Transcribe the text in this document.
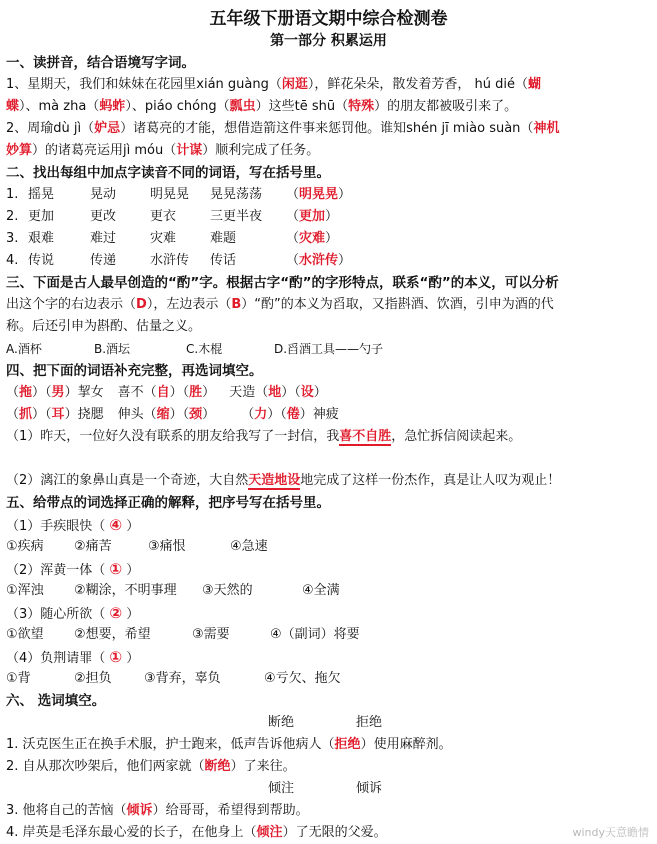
五年级下册语文期中综合检测卷
第一部分 积累运用
一、读拼音，结合语境写字词。
1、星期天，我们和妹妹在花园里xián guàng（闲逛），鲜花朵朵，散发着芳香， hú dié（蝴
蝶）、mà zha（蚂蚱）、piáo chóng（瓢虫）这些tē shū（特殊）的朋友都被吸引来了。
2、周瑜dù jì（妒忌）诸葛亮的才能，想借造箭这件事来惩罚他。谁知shén jī miào suàn（神机
妙算）的诸葛亮运用jì móu（计谋）顺利完成了任务。
二、找出每组中加点字读音不同的词语，写在括号里。
1. 摇晃	晃动	明晃晃 晃晃荡荡 （明晃晃）
2. 更加	更改	更衣	三更半夜 （更加）
3. 艰难	难过	灾难	难题	（灾难）
4. 传说	传递	水浒传 传话	（水浒传）
三、下面是古人最早创造的“酌”字。根据古字“酌”的字形特点，联系“酌”的本义，可以分析
出这个字的右边表示（D），左边表示（B）“酌”的本义为舀取，又指斟酒、饮酒，引申为酒的代
称。后还引申为斟酌、估量之义。
A.酒杯	B.酒坛	C.木棍	D.舀酒工具——勺子
四、把下面的词语补充完整，再选词填空。
（拖）（男）挈女 喜不（自）（胜） 天造（地）（设）
（抓）（耳）挠腮 伸头（缩）（颈） （力）（倦）神疲
（1）昨天，一位好久没有联系的朋友给我写了一封信，我喜不自胜，急忙拆信阅读起来。
（2）漓江的象鼻山真是一个奇迹，大自然天造地设地完成了这样一份杰作，真是让人叹为观止！
五、给带点的词选择正确的解释，把序号写在括号里。
（1）手疾眼快（ ④ ）
①疾病 ②痛苦	③痛恨	④急速
（2）浑黄一体（ ① ）
①浑浊 ②糊涂，不明事理 ③天然的	④全满
（3）随心所欲（ ② ）
①欲望 ②想要，希望	③需要	④（副词）将要
（4）负荆请罪（ ① ）
①背	②担负 ③背弃，辜负	④亏欠、拖欠
六、 选词填空。
断绝	拒绝
1. 沃克医生正在换手术服，护士跑来，低声告诉他病人（拒绝）使用麻醉剂。
2. 自从那次吵架后，他们两家就（断绝）了来往。
倾注	倾诉
3. 他将自己的苦恼（倾诉）给哥哥，希望得到帮助。
4. 岸英是毛泽东最心爱的长子，在他身上（倾注）了无限的父爱。	windy天意瞻情
